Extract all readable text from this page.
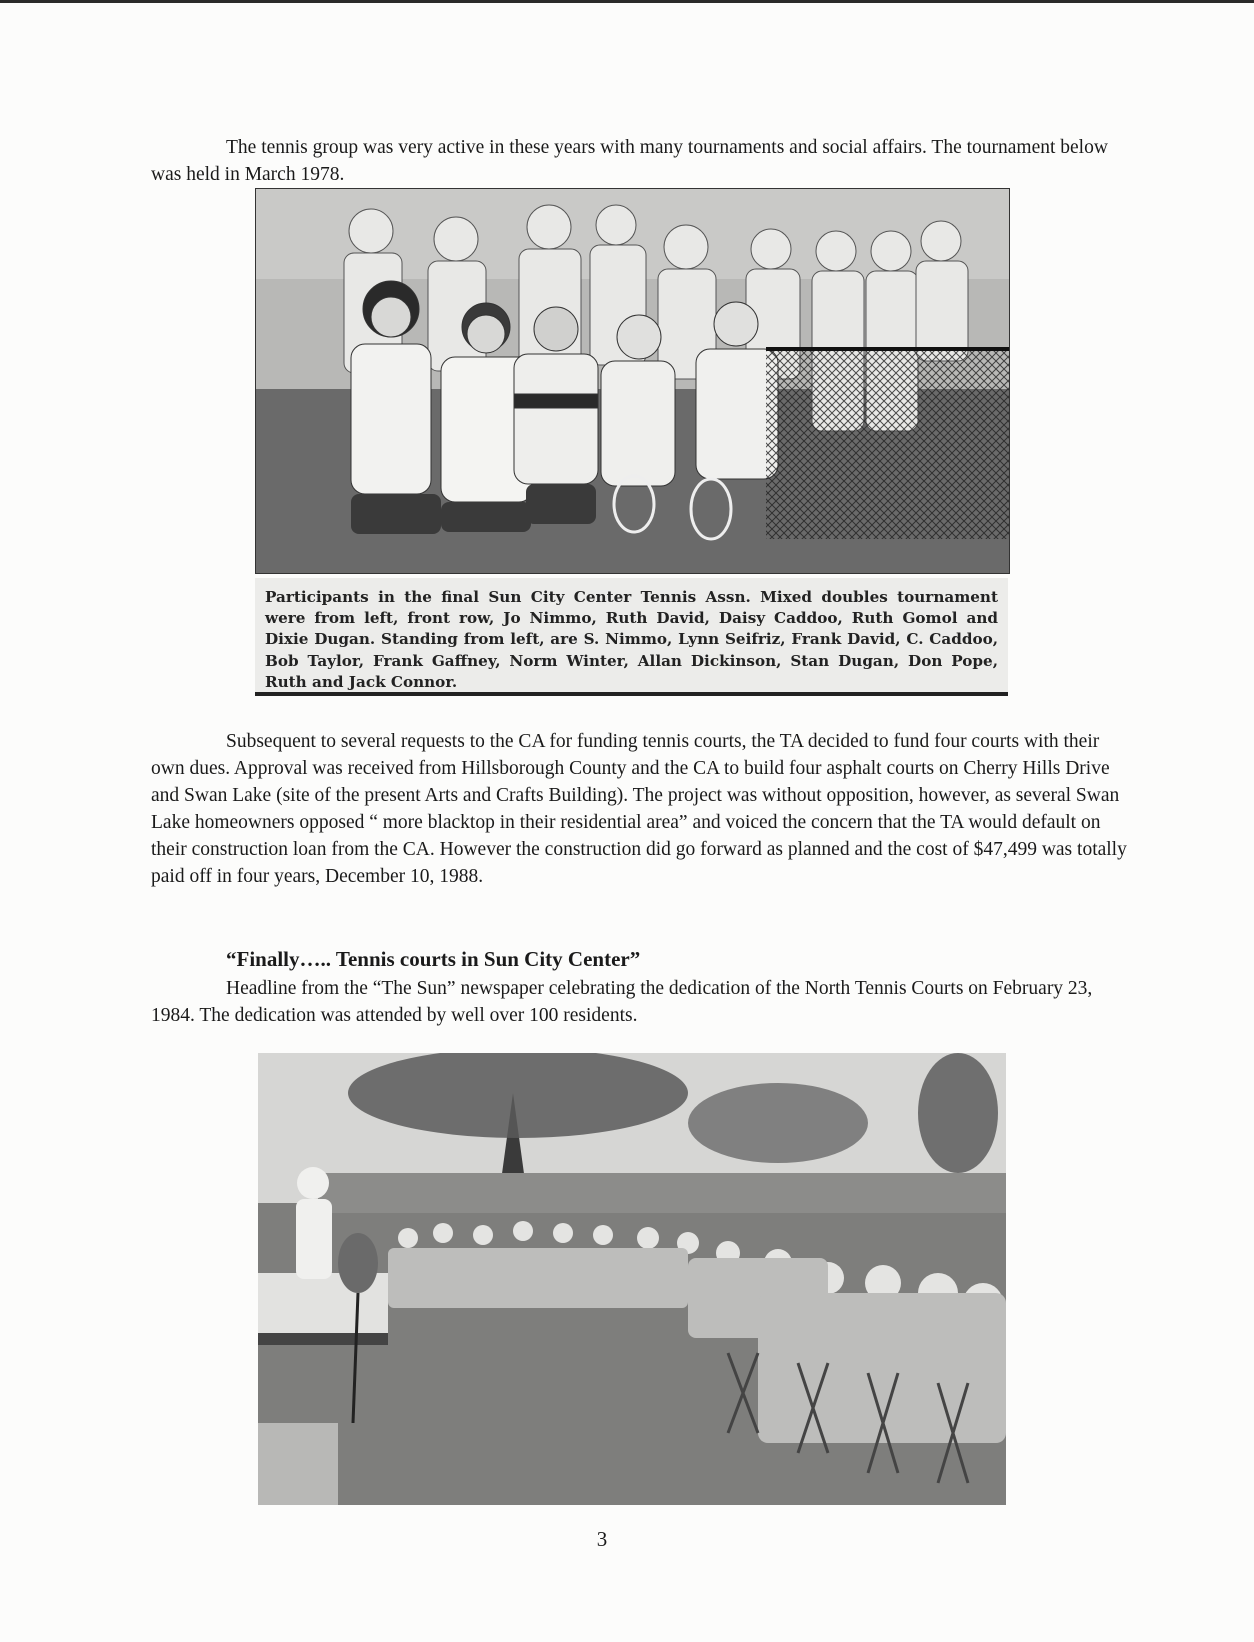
The tennis group was very active in these years with many tournaments and social affairs. The tournament below was held in March 1978.

Participants in the final Sun City Center Tennis Assn. Mixed doubles tournament were from left, front row, Jo Nimmo, Ruth David, Daisy Caddoo, Ruth Gomol and Dixie Dugan. Standing from left, are S. Nimmo, Lynn Seifriz, Frank David, C. Caddoo, Bob Taylor, Frank Gaffney, Norm Winter, Allan Dickinson, Stan Dugan, Don Pope, Ruth and Jack Connor.

Subsequent to several requests to the CA for funding tennis courts, the TA decided to fund four courts with their own dues. Approval was received from Hillsborough County and the CA to build four asphalt courts on Cherry Hills Drive and Swan Lake (site of the present Arts and Crafts Building). The project was without opposition, however, as several Swan Lake homeowners opposed “ more blacktop in their residential area” and voiced the concern that the TA would default on their construction loan from the CA. However the construction did go forward as planned and the cost of $47,499 was totally paid off in four years, December 10, 1988.

“Finally….. Tennis courts in Sun City Center”

Headline from the “The Sun” newspaper celebrating the dedication of the North Tennis Courts on February 23, 1984. The dedication was attended by well over 100 residents.

3
